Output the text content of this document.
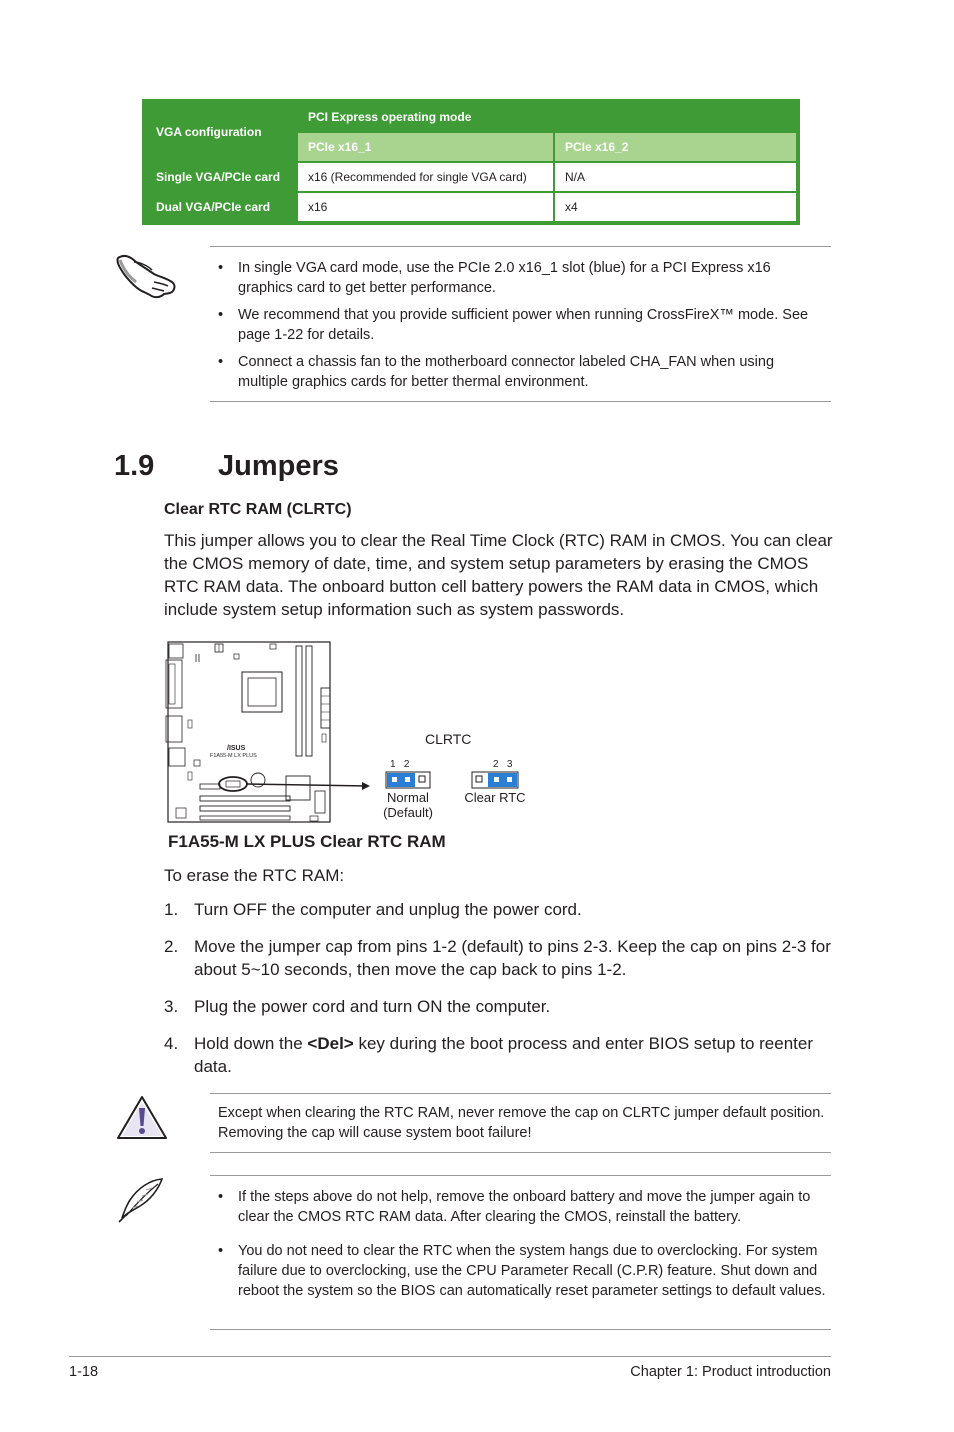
VGA configuration
PCI Express operating mode
PCIe x16_1	PCIe x16_2
Single VGA/PCIe card	x16 (Recommended for single VGA card)	N/A
Dual VGA/PCIe card	x16	x4
• In single VGA card mode, use the PCIe 2.0 x16_1 slot (blue) for a PCI Express x16 graphics card to get better performance.
• We recommend that you provide sufficient power when running CrossFireX™ mode. See page 1-22 for details.
• Connect a chassis fan to the motherboard connector labeled CHA_FAN when using multiple graphics cards for better thermal environment.
1.9 Jumpers
Clear RTC RAM (CLRTC)

This jumper allows you to clear the Real Time Clock (RTC) RAM in CMOS. You can clear the CMOS memory of date, time, and system setup parameters by erasing the CMOS RTC RAM data. The onboard button cell battery powers the RAM data in CMOS, which include system setup information such as system passwords.

/ISUS
F1A55-M LX PLUS
CLRTC
1   2
Normal
(Default)
2   3
Clear RTC
F1A55-M LX PLUS Clear RTC RAM
To erase the RTC RAM:
1. Turn OFF the computer and unplug the power cord.
2. Move the jumper cap from pins 1-2 (default) to pins 2-3. Keep the cap on pins 2-3 for about 5~10 seconds, then move the cap back to pins 1-2.
3. Plug the power cord and turn ON the computer.
4. Hold down the <Del> key during the boot process and enter BIOS setup to reenter data.

Except when clearing the RTC RAM, never remove the cap on CLRTC jumper default position. Removing the cap will cause system boot failure!

• If the steps above do not help, remove the onboard battery and move the jumper again to clear the CMOS RTC RAM data. After clearing the CMOS, reinstall the battery.
• You do not need to clear the RTC when the system hangs due to overclocking. For system failure due to overclocking, use the CPU Parameter Recall (C.P.R) feature. Shut down and reboot the system so the BIOS can automatically reset parameter settings to default values.
1-18	Chapter 1: Product introduction
